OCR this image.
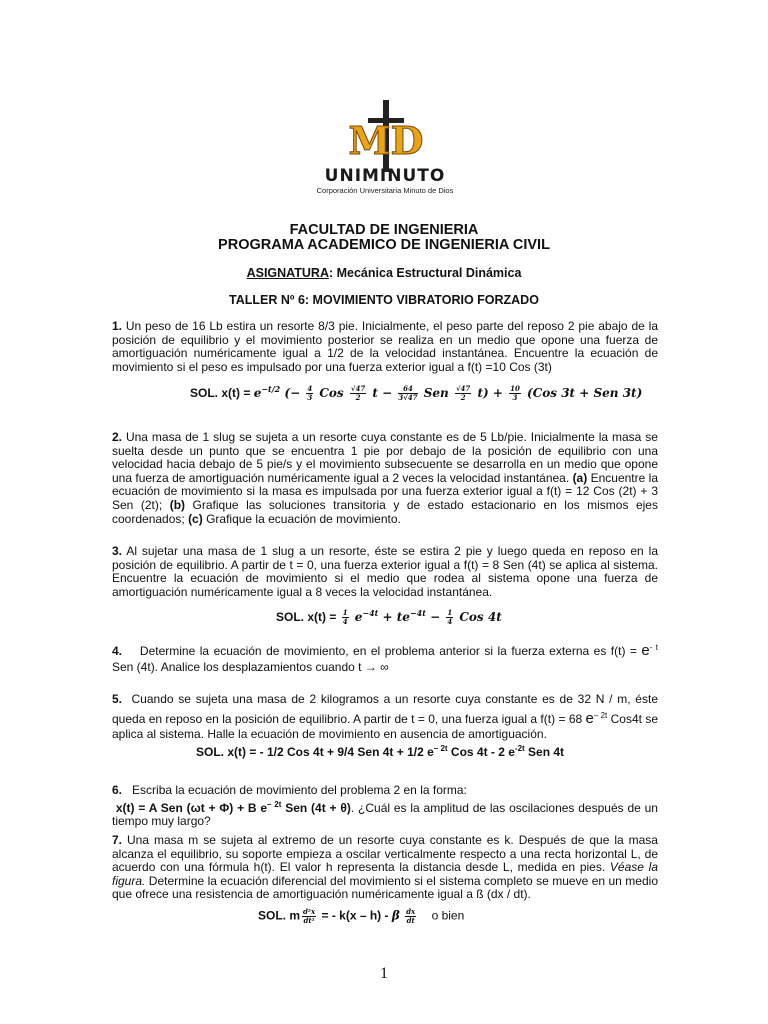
MD
UNIMINUTO
Corporación Universitaria Minuto de Dios
FACULTAD DE INGENIERIA
PROGRAMA ACADEMICO DE INGENIERIA CIVIL
ASIGNATURA: Mecánica Estructural Dinámica
TALLER Nº 6: MOVIMIENTO VIBRATORIO FORZADO
1. Un peso de 16 Lb estira un resorte 8/3 pie. Inicialmente, el peso parte del reposo 2 pie abajo de la posición de equilibrio y el movimiento posterior se realiza en un medio que opone una fuerza de amortiguación numéricamente igual a 1/2 de la velocidad instantánea. Encuentre la ecuación de movimiento si el peso es impulsado por una fuerza exterior igual a f(t) =10 Cos (3t)
SOL. $x(t) = e^{-t/2}$ (− $\frac{4}{3}$ Cos $\frac{√47}{2}$ $t - \frac{64}{3√47}$ Sen $\frac{√47}{2} t) + \frac{10}{3} (Cos$ 3t + Sen 3t)
2. Una masa de 1 slug se sujeta a un resorte cuya constante es de 5 Lb/pie. Inicialmente la masa se suelta desde un punto que se encuentra 1 pie por debajo de la posición de equilibrio con una velocidad hacia debajo de 5 pie/s y el movimiento subsecuente se desarrolla en un medio que opone una fuerza de amortiguación numéricamente igual a 2 veces la velocidad instantánea. (a) Encuentre la ecuación de movimiento si la masa es impulsada por una fuerza exterior igual a f(t) = 12 Cos (2t) + 3 Sen (2t); (b) Grafique las soluciones transitoria y de estado estacionario en los mismos ejes coordenados; (c) Grafique la ecuación de movimiento.
3. Al sujetar una masa de 1 slug a un resorte, éste se estira 2 pie y luego queda en reposo en la posición de equilibrio. A partir de t = 0, una fuerza exterior igual a f(t) = 8 Sen (4t) se aplica al sistema. Encuentre la ecuación de movimiento si el medio que rodea al sistema opone una fuerza de amortiguación numéricamente igual a 8 veces la velocidad instantánea.
SOL. $x(t) = \frac{1}{4} e^{-4t} + te^{-4t} - \frac{1}{4}$ Cos 4t
4. Determine la ecuación de movimiento, en el problema anterior si la fuerza externa es $f(t) = e^{- t}$ Sen (4t). Analice los desplazamientos cuando t → ∞
5. Cuando se sujeta una masa de 2 kilogramos a un resorte cuya constante es de 32 N / m, éste queda en reposo en la posición de equilibrio. A partir de t = 0, una fuerza igual a f(t) = 68 $e^{- 2t}$ Cos4t se aplica al sistema. Halle la ecuación de movimiento en ausencia de amortiguación.
SOL. x(t) = - 1/2 Cos 4t + 9/4 Sen 4t + 1/2 $e^{- 2t}$ Cos 4t - 2 $e^{-2t}$ Sen 4t
6. Escriba la ecuación de movimiento del problema 2 en la forma:
x(t) = A Sen (ωt + Φ) + B $e^{- 2t}$ Sen (4t + θ). ¿Cuál es la amplitud de las oscilaciones después de un tiempo muy largo?
7. Una masa m se sujeta al extremo de un resorte cuya constante es k. Después de que la masa alcanza el equilibrio, su soporte empieza a oscilar verticalmente respecto a una recta horizontal L, de acuerdo con una fórmula h(t). El valor h representa la distancia desde L, medida en pies. Véase la figura. Determine la ecuación diferencial del movimiento si el sistema completo se mueve en un medio que ofrece una resistencia de amortiguación numéricamente igual a ß (dx / dt).
SOL. m $\frac{\text{d²x}}{\text{dt²}}$ = - k(x – h) - β $\frac{dx}{dt}$ o bien
1
